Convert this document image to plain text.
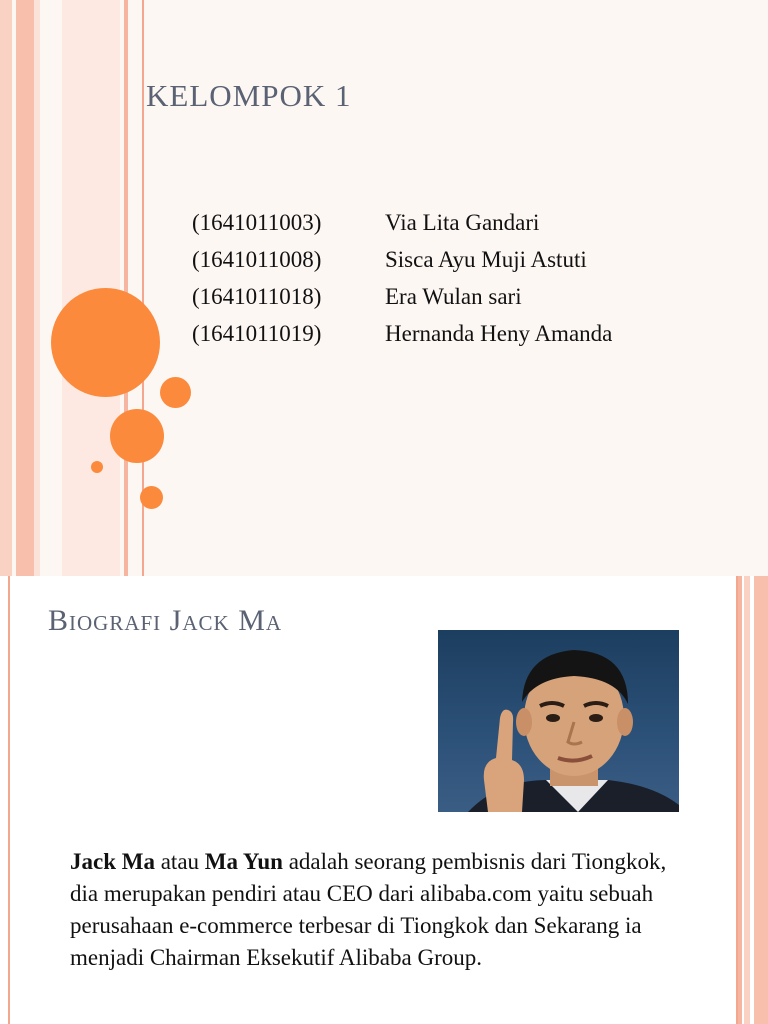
KELOMPOK 1
(1641011003)	Via Lita Gandari
(1641011008)	Sisca Ayu Muji Astuti
(1641011018)	Era Wulan sari
(1641011019)	Hernanda Heny Amanda
Biografi Jack Ma
Jack Ma atau Ma Yun adalah seorang pembisnis dari Tiongkok, dia merupakan pendiri atau CEO dari alibaba.com yaitu sebuah perusahaan e-commerce terbesar di Tiongkok dan Sekarang ia menjadi Chairman Eksekutif Alibaba Group.
